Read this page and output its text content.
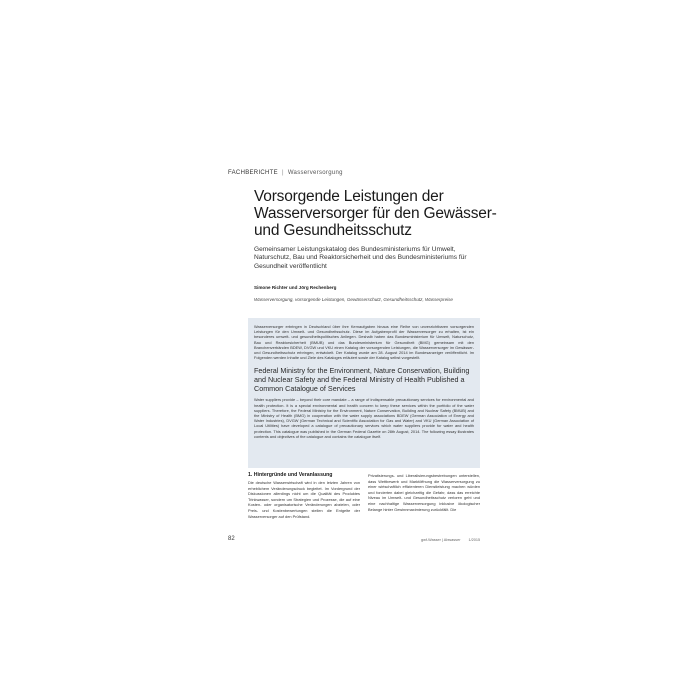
FACHBERICHTE | Wasserversorgung
Vorsorgende Leistungen der Wasserversorger für den Gewässer- und Gesundheitsschutz

Gemeinsamer Leistungskatalog des Bundesministeriums für Umwelt, Naturschutz, Bau und Reaktorsicherheit und des Bundesministeriums für Gesundheit veröffentlicht

Simone Richter und Jörg Rechenberg
Wasserversorgung, vorsorgende Leistungen, Gewässerschutz, Gesundheitsschutz, Wasserpreise

Wasserversorger erbringen in Deutschland über ihre Kernaufgaben hinaus eine Reihe von unverzichtbaren vorsorgenden Leistungen für den Umwelt- und Gesundheitsschutz. Diese im Aufgabenprofil der Wasserversorger zu erhalten, ist ein besonderes umwelt- und gesundheitspolitisches Anliegen. Deshalb haben das Bundesministerium für Umwelt, Naturschutz, Bau und Reaktorsicherheit (BMUB) und das Bundesministerium für Gesundheit (BMG) gemeinsam mit den Branchenverbänden BDEW, DVGW und VKU einen Katalog der vorsorgenden Leistungen, die Wasserversorger im Gewässer- und Gesundheitsschutz erbringen, entwickelt. Der Katalog wurde am 28. August 2014 im Bundesanzeiger veröffentlicht. Im Folgenden werden Inhalte und Ziele des Kataloges erläutert sowie der Katalog selbst vorgestellt.

Federal Ministry for the Environment, Nature Conservation, Building and Nuclear Safety and the Federal Ministry of Health Published a Common Catalogue of Services

Water suppliers provide – beyond their core mandate – a range of indispensable precautionary services for environmental and health protection. It is a special environmental and health concern to keep these services within the portfolio of the water suppliers. Therefore, the Federal Ministry for the Environment, Nature Conservation, Building and Nuclear Safety (BMUB) and the Ministry of Health (BMG) in cooperation with the water supply associations BDEW (German Association of Energy and Water Industries), DVGW (German Technical and Scientific Association for Gas and Water) and VKU (German Association of Local Utilities) have developed a catalogue of precautionary services which water suppliers provide for water and health protection. This catalogue was published in the German Federal Gazette on 28th August, 2014. The following essay illustrates contents and objectives of the catalogue and contains the catalogue itself.

1. Hintergründe und Veranlassung

Die deutsche Wasserwirtschaft wird in den letzten Jahren von erheblichem Veränderungsdruck begleitet. Im Vordergrund der Diskussionen allerdings nicht um die Qualität des Produktes Trinkwasser, sondern um Strategien und Prozesse, die auf eine Kosten- oder organisatorische Veränderungen abzielen, oder Preis- und Kostenbewertungen stellen die Entgelte der Wasserversorger auf den Prüfstand.

Privatisierungs- und Liberalisierungsbestrebungen unterstellen, dass Wettbewerb und Marktöffnung die Wasserversorgung zu einer wirtschaftlich effizienteren Dienstleistung machen würden und forcierten dabei gleichzeitig die Gefahr, dass das erreichte Niveau im Umwelt- und Gesundheitsschutz verloren geht und eine nachhaltige Wasserversorgung inklusive ökologischer Belange hinter Gewinnmaximierung zurückfällt. Die

82	gwf-Wasser | Abwasser 1/2015
